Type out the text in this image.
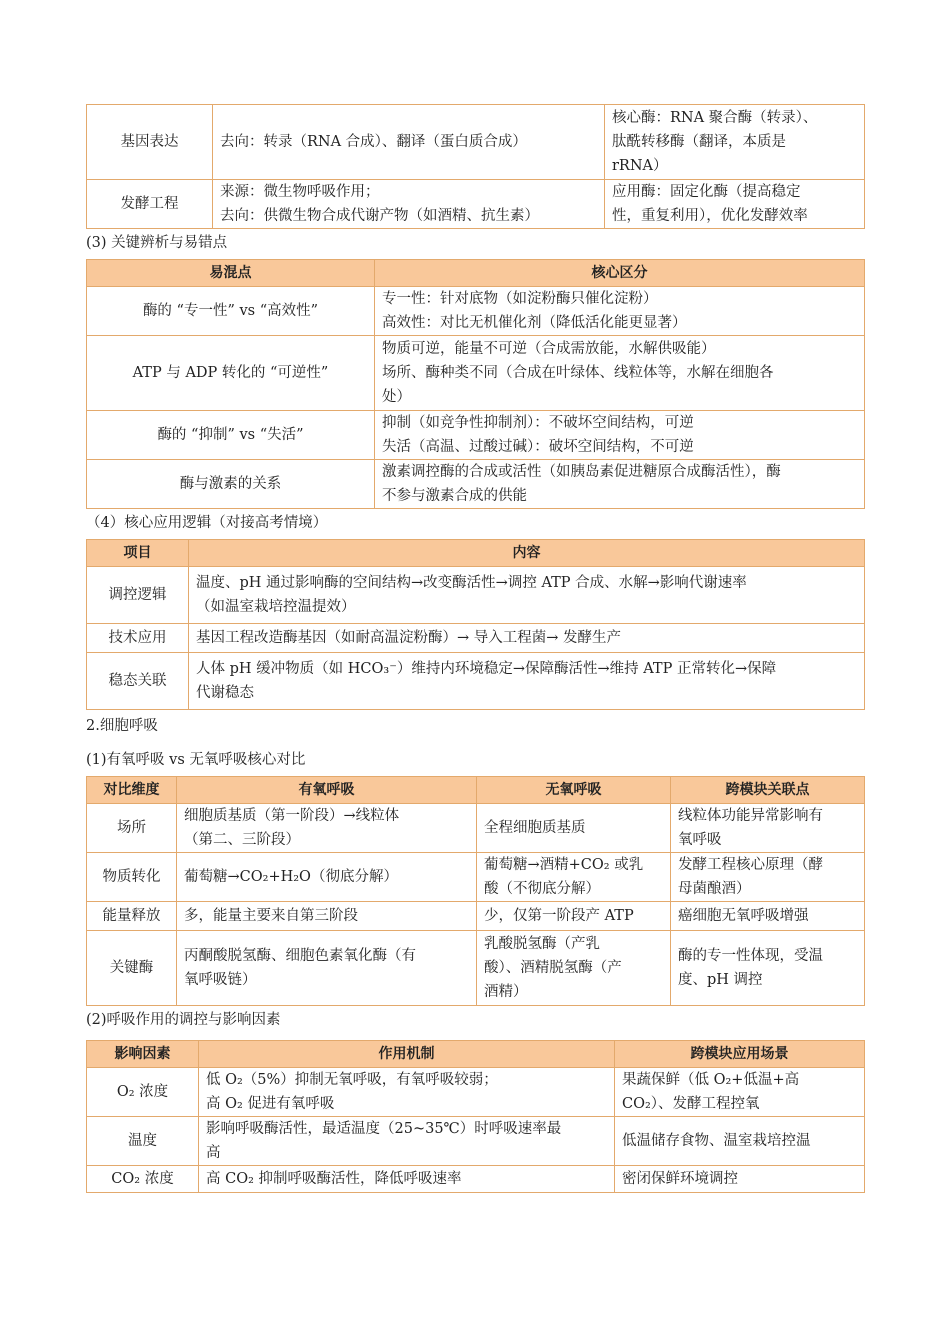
基因表达	去向：转录（RNA 合成）、翻译（蛋白质合成）	核心酶：RNA 聚合酶（转录）、
肽酰转移酶（翻译，本质是
rRNA）

发酵工程	来源：微生物呼吸作用；
去向：供微生物合成代谢产物（如酒精、抗生素）	应用酶：固定化酶（提高稳定
性，重复利用），优化发酵效率

(3) 关键辨析与易错点

易混点	核心区分
酶的 “专一性” vs “高效性”	专一性：针对底物（如淀粉酶只催化淀粉）
高效性：对比无机催化剂（降低活化能更显著）

ATP 与 ADP 转化的 “可逆性”	物质可逆，能量不可逆（合成需放能，水解供吸能）
场所、酶种类不同（合成在叶绿体、线粒体等，水解在细胞各
处）

酶的 “抑制” vs “失活”	抑制（如竞争性抑制剂）：不破坏空间结构，可逆
失活（高温、过酸过碱）：破坏空间结构，不可逆

酶与激素的关系	激素调控酶的合成或活性（如胰岛素促进糖原合成酶活性），酶
不参与激素合成的供能

（4）核心应用逻辑（对接高考情境）

项目	内容
调控逻辑	温度、pH 通过影响酶的空间结构→改变酶活性→调控 ATP 合成、水解→影响代谢速率
（如温室栽培控温提效）

技术应用	基因工程改造酶基因（如耐高温淀粉酶）→ 导入工程菌→ 发酵生产

稳态关联	人体 pH 缓冲物质（如 HCO₃⁻）维持内环境稳定→保障酶活性→维持 ATP 正常转化→保障
代谢稳态

2.细胞呼吸

(1)有氧呼吸 vs 无氧呼吸核心对比

对比维度	有氧呼吸	无氧呼吸	跨模块关联点
场所	细胞质基质（第一阶段）→线粒体
（第二、三阶段）	全程细胞质基质	线粒体功能异常影响有
氧呼吸

物质转化	葡萄糖→CO₂+H₂O（彻底分解）	葡萄糖→酒精+CO₂ 或乳
酸（不彻底分解）	发酵工程核心原理（酵
母菌酿酒）

能量释放	多，能量主要来自第三阶段	少，仅第一阶段产 ATP	癌细胞无氧呼吸增强

关键酶	丙酮酸脱氢酶、细胞色素氧化酶（有
氧呼吸链）	乳酸脱氢酶（产乳
酸）、酒精脱氢酶（产
酒精）	酶的专一性体现，受温
度、pH 调控

(2)呼吸作用的调控与影响因素

影响因素	作用机制	跨模块应用场景
O₂ 浓度	低 O₂（5%）抑制无氧呼吸，有氧呼吸较弱；
高 O₂ 促进有氧呼吸	果蔬保鲜（低 O₂+低温+高
CO₂）、发酵工程控氧

温度	影响呼吸酶活性，最适温度（25~35℃）时呼吸速率最
高	低温储存食物、温室栽培控温

CO₂ 浓度	高 CO₂ 抑制呼吸酶活性，降低呼吸速率	密闭保鲜环境调控
